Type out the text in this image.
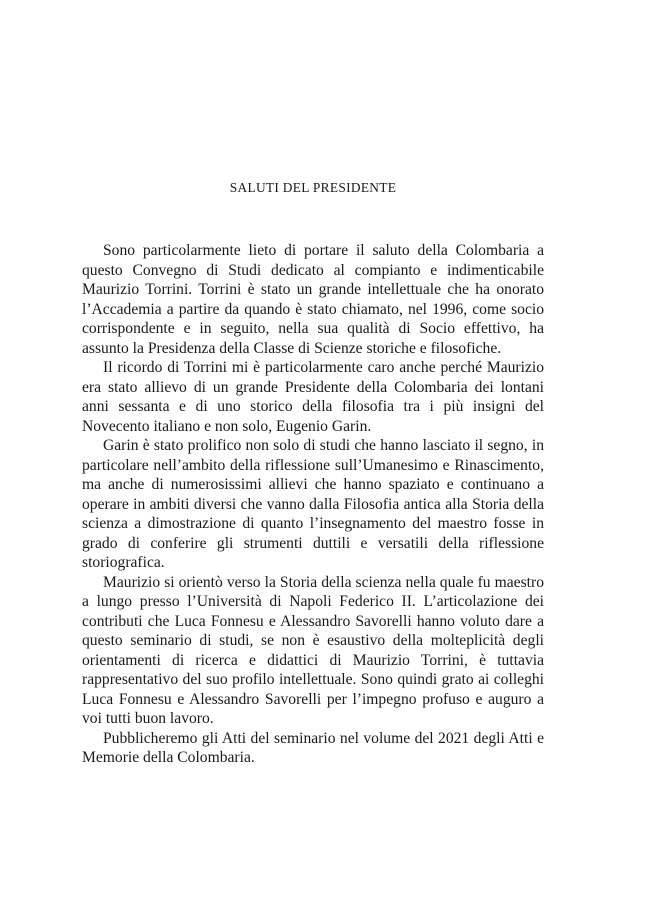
SALUTI DEL PRESIDENTE

Sono particolarmente lieto di portare il saluto della Colombaria a questo Convegno di Studi dedicato al compianto e indimenticabile Maurizio Torrini. Torrini è stato un grande intellettuale che ha onorato l’Accademia a partire da quando è stato chiamato, nel 1996, come socio corrispondente e in seguito, nella sua qualità di Socio effettivo, ha assunto la Presidenza della Classe di Scienze storiche e filosofiche.

Il ricordo di Torrini mi è particolarmente caro anche perché Maurizio era stato allievo di un grande Presidente della Colombaria dei lontani anni sessanta e di uno storico della filosofia tra i più insigni del Novecento italiano e non solo, Eugenio Garin.

Garin è stato prolifico non solo di studi che hanno lasciato il segno, in particolare nell’ambito della riflessione sull’Umanesimo e Rinascimento, ma anche di numerosissimi allievi che hanno spaziato e continuano a operare in ambiti diversi che vanno dalla Filosofia antica alla Storia della scienza a dimostrazione di quanto l’insegnamento del maestro fosse in grado di conferire gli strumenti duttili e versatili della riflessione storiografica.

Maurizio si orientò verso la Storia della scienza nella quale fu maestro a lungo presso l’Università di Napoli Federico II. L’articolazione dei contributi che Luca Fonnesu e Alessandro Savorelli hanno voluto dare a questo seminario di studi, se non è esaustivo della molteplicità degli orientamenti di ricerca e didattici di Maurizio Torrini, è tuttavia rappresentativo del suo profilo intellettuale. Sono quindi grato ai colleghi Luca Fonnesu e Alessandro Savorelli per l’impegno profuso e auguro a voi tutti buon lavoro.

Pubblicheremo gli Atti del seminario nel volume del 2021 degli Atti e Memorie della Colombaria.
